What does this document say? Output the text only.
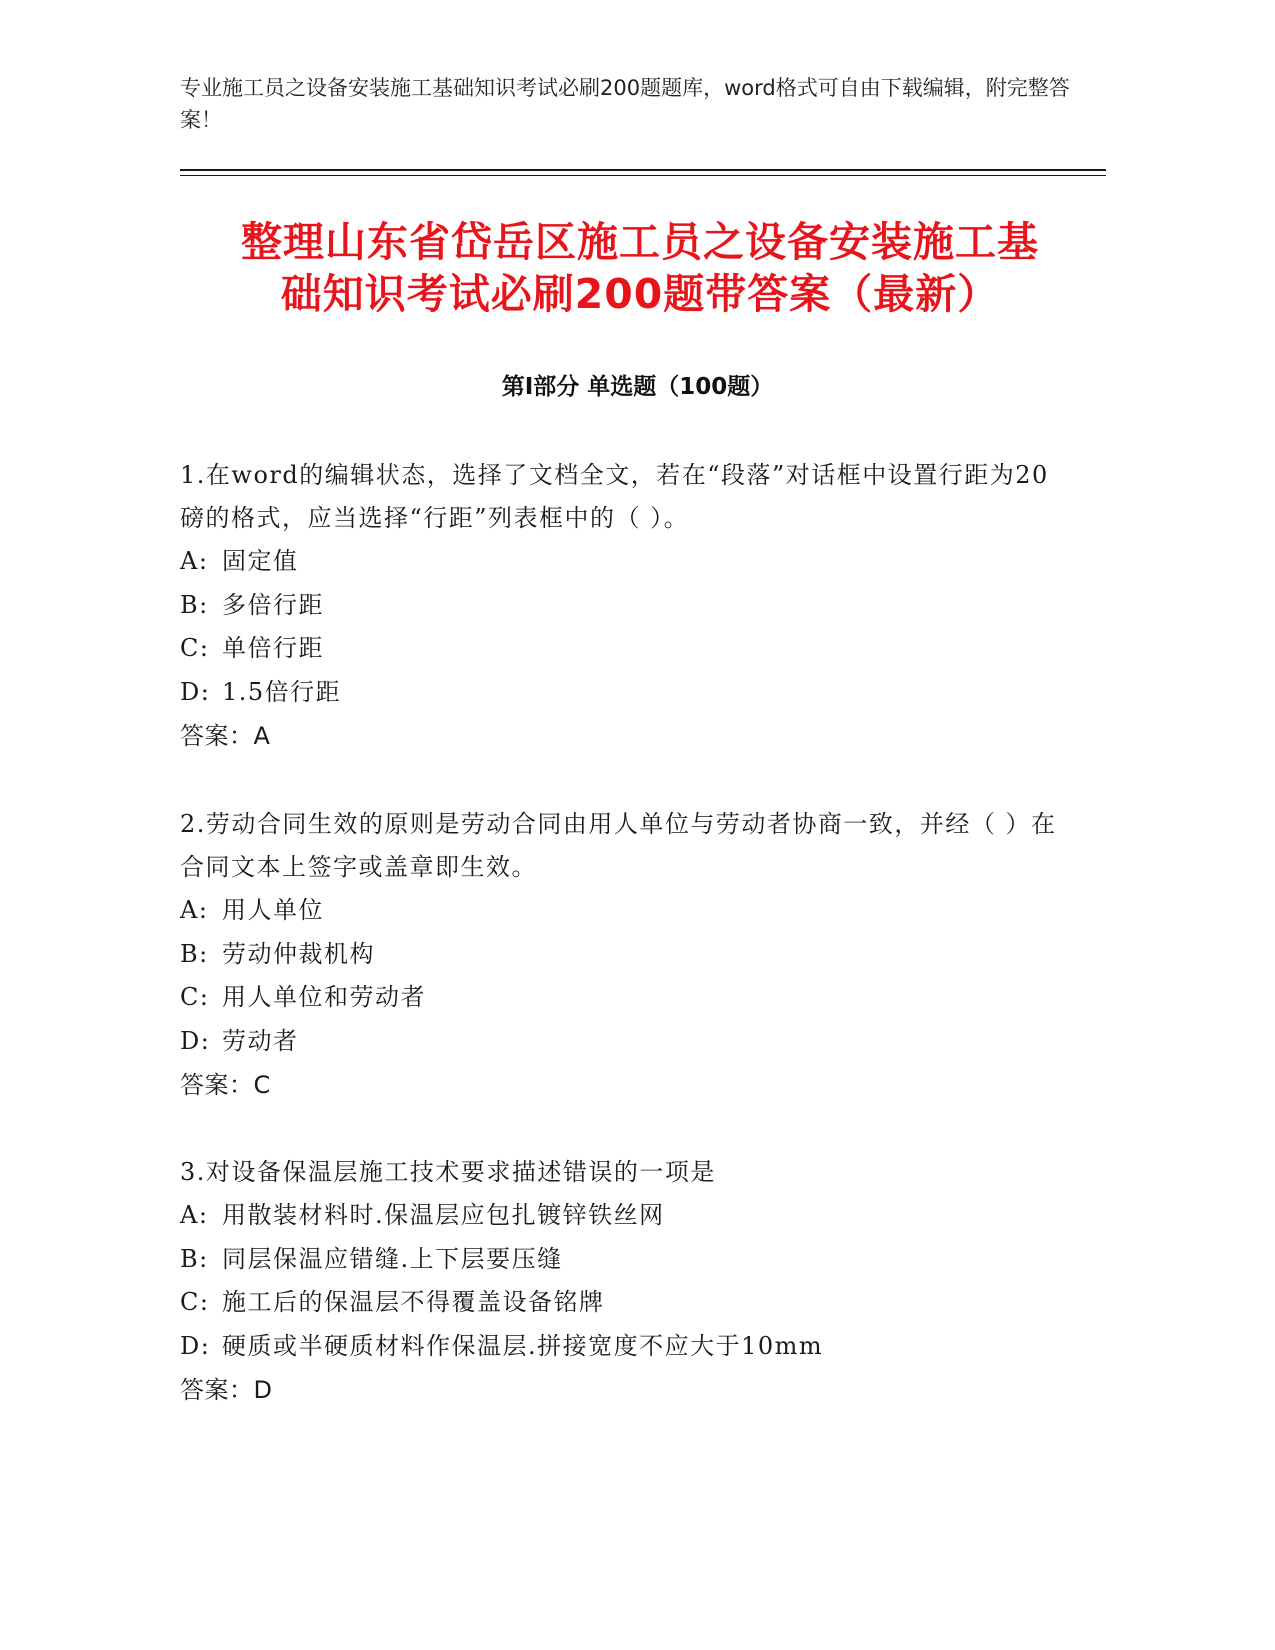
专业施工员之设备安装施工基础知识考试必刷200题题库，word格式可自由下载编辑，附完整答案！
整理山东省岱岳区施工员之设备安装施工基
础知识考试必刷200题带答案（最新）
第I部分 单选题（100题）
1.在word的编辑状态，选择了文档全文，若在“段落”对话框中设置行距为20磅的格式，应当选择“行距”列表框中的（ ）。
A: 固定值
B: 多倍行距
C: 单倍行距
D: 1.5倍行距
答案：A
2.劳动合同生效的原则是劳动合同由用人单位与劳动者协商一致，并经（ ）在合同文本上签字或盖章即生效。
A: 用人单位
B: 劳动仲裁机构
C: 用人单位和劳动者
D: 劳动者
答案：C
3.对设备保温层施工技术要求描述错误的一项是
A: 用散装材料时.保温层应包扎镀锌铁丝网
B: 同层保温应错缝.上下层要压缝
C: 施工后的保温层不得覆盖设备铭牌
D: 硬质或半硬质材料作保温层.拼接宽度不应大于10mm
答案：D
